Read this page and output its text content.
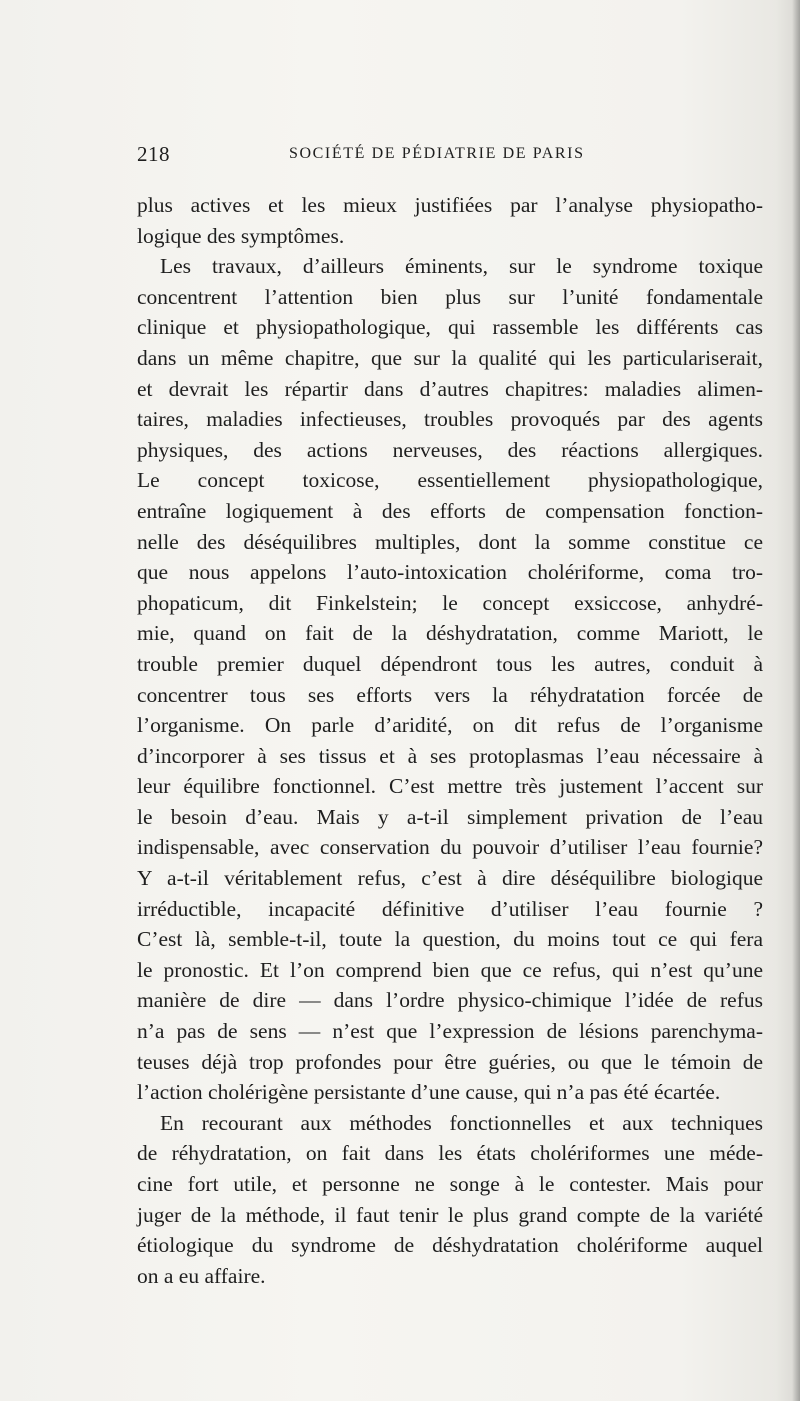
218	SOCIÉTÉ DE PÉDIATRIE DE PARIS
plus actives et les mieux justifiées par l’analyse physiopatho-
logique des symptômes.
Les travaux, d’ailleurs éminents, sur le syndrome toxique
concentrent l’attention bien plus sur l’unité fondamentale
clinique et physiopathologique, qui rassemble les différents cas
dans un même chapitre, que sur la qualité qui les particulariserait,
et devrait les répartir dans d’autres chapitres: maladies alimen-
taires, maladies infectieuses, troubles provoqués par des agents
physiques, des actions nerveuses, des réactions allergiques.
Le concept toxicose, essentiellement physiopathologique,
entraîne logiquement à des efforts de compensation fonction-
nelle des déséquilibres multiples, dont la somme constitue ce
que nous appelons l’auto-intoxication cholériforme, coma tro-
phopaticum, dit Finkelstein; le concept exsiccose, anhydré-
mie, quand on fait de la déshydratation, comme Mariott, le
trouble premier duquel dépendront tous les autres, conduit à
concentrer tous ses efforts vers la réhydratation forcée de
l’organisme. On parle d’aridité, on dit refus de l’organisme
d’incorporer à ses tissus et à ses protoplasmas l’eau nécessaire à
leur équilibre fonctionnel. C’est mettre très justement l’accent sur
le besoin d’eau. Mais y a-t-il simplement privation de l’eau
indispensable, avec conservation du pouvoir d’utiliser l’eau fournie?
Y a-t-il véritablement refus, c’est à dire déséquilibre biologique
irréductible, incapacité définitive d’utiliser l’eau fournie ?
C’est là, semble-t-il, toute la question, du moins tout ce qui fera
le pronostic. Et l’on comprend bien que ce refus, qui n’est qu’une
manière de dire — dans l’ordre physico-chimique l’idée de refus
n’a pas de sens — n’est que l’expression de lésions parenchyma-
teuses déjà trop profondes pour être guéries, ou que le témoin de
l’action cholérigène persistante d’une cause, qui n’a pas été écartée.
En recourant aux méthodes fonctionnelles et aux techniques
de réhydratation, on fait dans les états cholériformes une méde-
cine fort utile, et personne ne songe à le contester. Mais pour
juger de la méthode, il faut tenir le plus grand compte de la variété
étiologique du syndrome de déshydratation cholériforme auquel
on a eu affaire.
